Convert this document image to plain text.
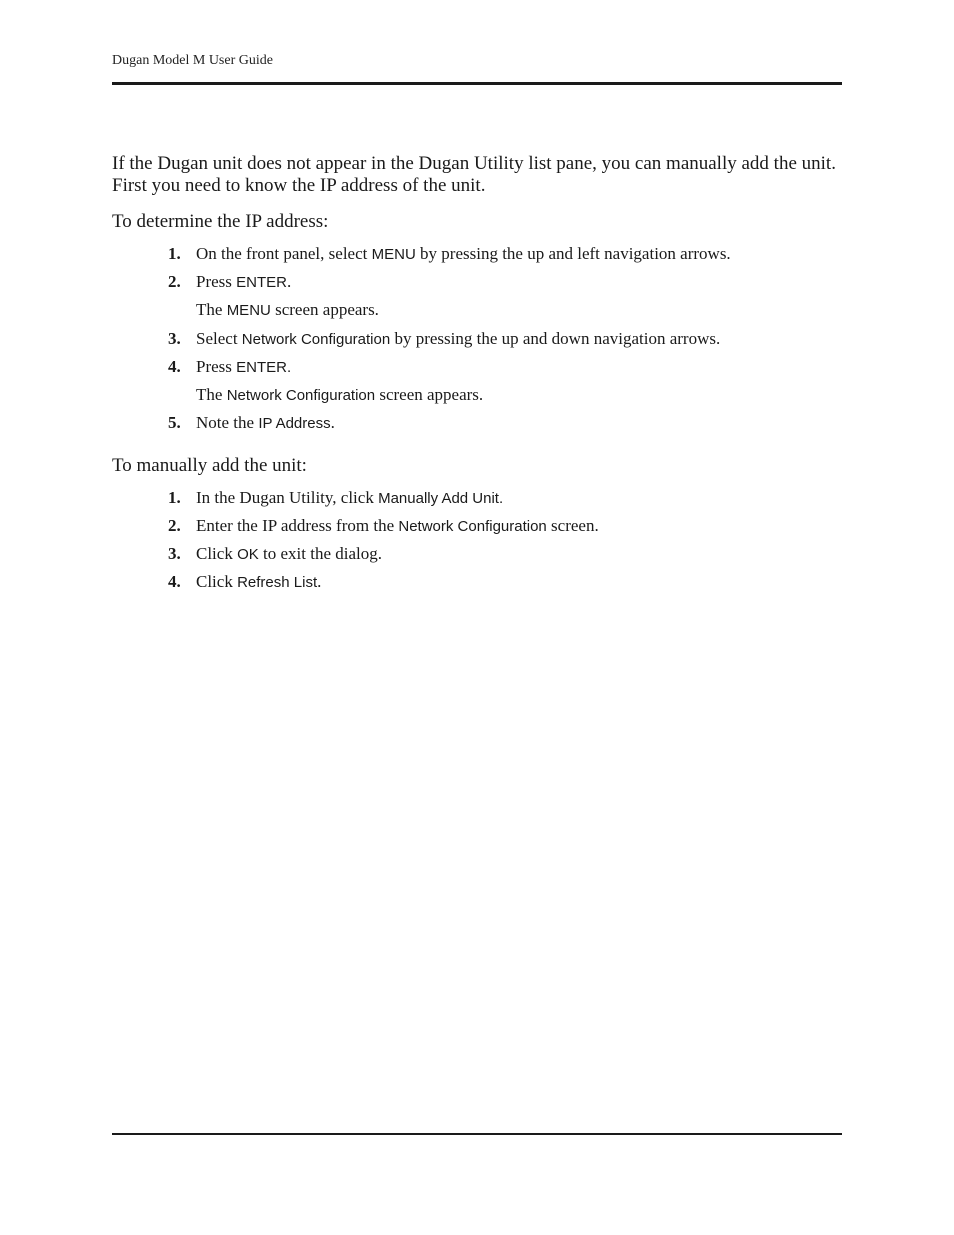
Dugan Model M User Guide

If the Dugan unit does not appear in the Dugan Utility list pane, you can manually add the unit. First you need to know the IP address of the unit.

To determine the IP address:

1. On the front panel, select MENU by pressing the up and left navigation arrows.
2. Press ENTER.
The MENU screen appears.
3. Select Network Configuration by pressing the up and down navigation arrows.
4. Press ENTER.
The Network Configuration screen appears.
5. Note the IP Address.

To manually add the unit:

1. In the Dugan Utility, click Manually Add Unit.
2. Enter the IP address from the Network Configuration screen.
3. Click OK to exit the dialog.
4. Click Refresh List.
